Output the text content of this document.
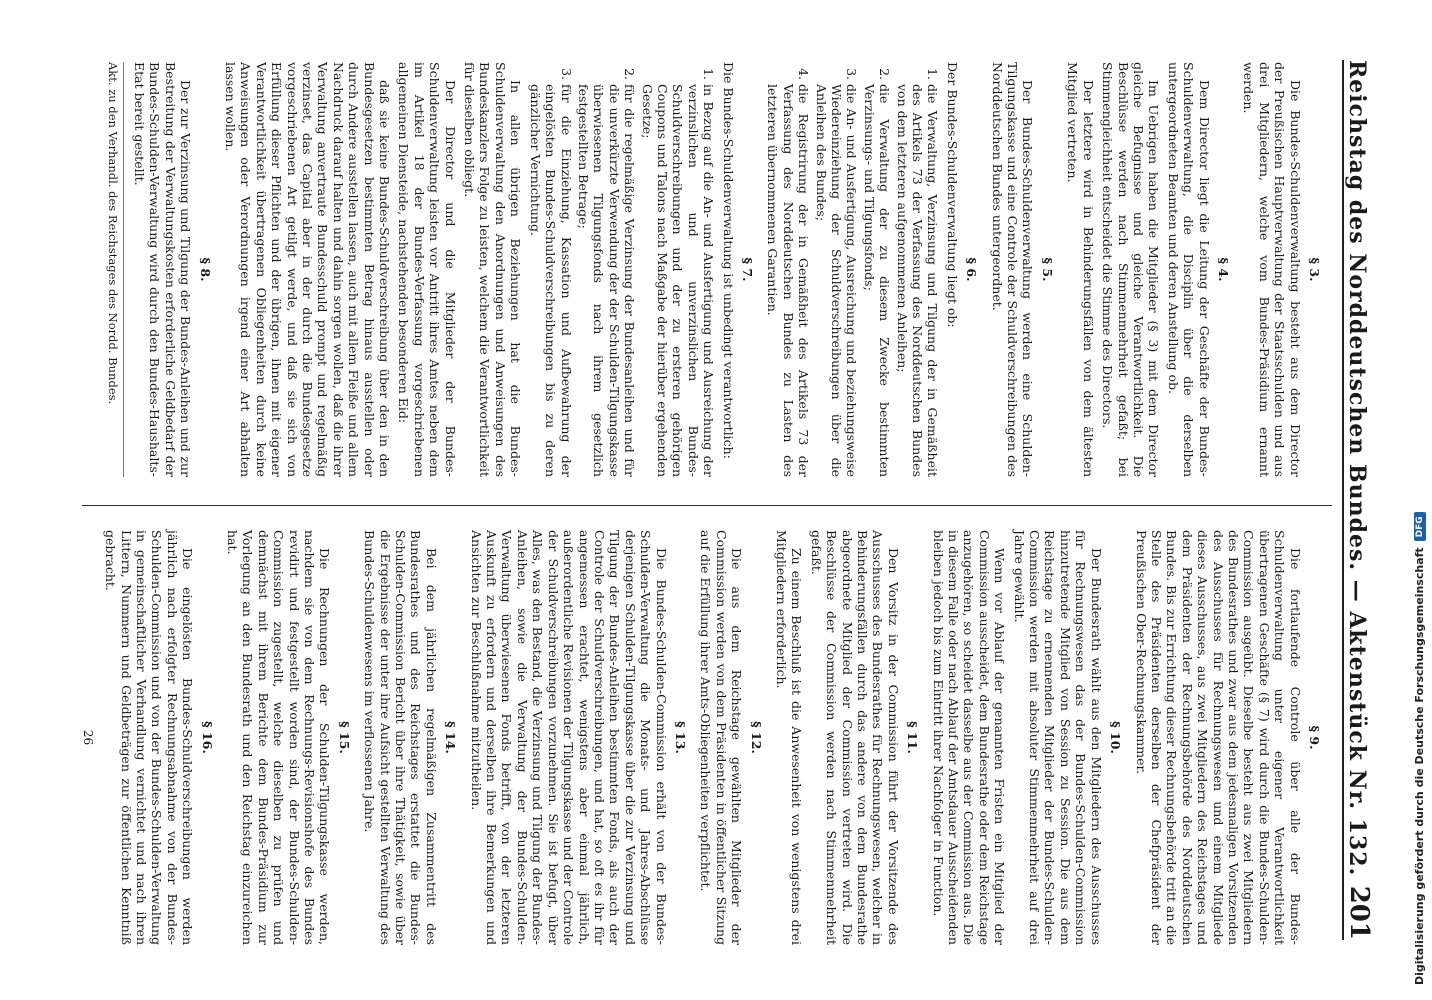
Reichstag des Norddeutschen Bundes. — Aktenstück Nr. 132.
201
§ 3.

Die Bundes-Schuldenverwaltung besteht aus dem Director der Preußischen Hauptverwaltung der Staatsschulden und aus drei Mitgliedern, welche vom Bundes-Präsidium ernannt werden.

§ 4.

Dem Director liegt die Leitung der Geschäfte der Bundes-Schuldenverwaltung, die Disciplin über die derselben untergeordneten Beamten und deren Anstellung ob.

Im Uebrigen haben die Mitglieder (§ 3) mit dem Director gleiche Befugnisse und gleiche Verantwortlichkeit. Die Beschlüsse werden nach Stimmenmehrheit gefaßt; bei Stimmengleichheit entscheidet die Stimme des Directors.

Der letztere wird in Behinderungsfällen von dem ältesten Mitglied vertreten.

§ 5.

Der Bundes-Schuldenverwaltung werden eine Schulden-Tilgungskasse und eine Controle der Schuldverschreibungen des Norddeutschen Bundes untergeordnet.

§ 6.

Der Bundes-Schuldenverwaltung liegt ob:

1. die Verwaltung, Verzinsung und Tilgung der in Gemäßheit des Artikels 73 der Verfassung des Norddeutschen Bundes von dem letzteren aufgenommenen Anleihen;
2. die Verwaltung der zu diesem Zwecke bestimmten Verzinsungs- und Tilgungsfonds;
3. die An- und Ausfertigung, Ausreichung und beziehungsweise Wiedereinziehung der Schuldverschreibungen über die Anleihen des Bundes;
4. die Registrirung der in Gemäßheit des Artikels 73 der Verfassung des Norddeutschen Bundes zu Lasten des letzteren übernommenen Garantien.
§ 7.

Die Bundes-Schuldenverwaltung ist unbedingt verantwortlich:

1. in Bezug auf die An- und Ausfertigung und Ausreichung der verzinslichen und unverzinslichen Bundes-Schuldverschreibungen und der zu ersteren gehörigen Coupons und Talons nach Maßgabe der hierüber ergehenden Gesetze;
2. für die regelmäßige Verzinsung der Bundesanleihen und für die unverkürzte Verwendung der der Schulden-Tilgungskasse überwiesenen Tilgungsfonds nach ihrem gesetzlich festgestellten Betrage;
3. für die Einziehung, Kassation und Aufbewahrung der eingelösten Bundes-Schuldverschreibungen bis zu deren gänzlicher Vernichtung.

In allen übrigen Beziehungen hat die Bundes-Schuldenverwaltung den Anordnungen und Anweisungen des Bundeskanzlers Folge zu leisten, welchem die Verantwortlichkeit für dieselben obliegt.

Der Director und die Mitglieder der Bundes-Schuldenverwaltung leisten vor Antritt ihres Amtes neben dem im Artikel 18 der Bundes-Verfassung vorgeschriebenen allgemeinen Diensteide, nachstehenden besonderen Eid:

daß sie keine Bundes-Schuldverschreibung über den in den Bundesgesetzen bestimmten Betrag hinaus ausstellen oder durch Andere ausstellen lassen, auch mit allem Fleiße und allem Nachdruck darauf halten und dahin sorgen wollen, daß die ihrer Verwaltung anvertraute Bundesschuld prompt und regelmäßig verzinset, das Capital aber in der durch die Bundesgesetze vorgeschriebenen Art getilgt werde, und daß sie sich von Erfüllung dieser Pflichten und der übrigen, ihnen mit eigener Verantwortlichkeit übertragenen Obliegenheiten durch keine Anweisungen oder Verordnungen irgend einer Art abhalten lassen wollen.

§ 8.

Der zur Verzinsung und Tilgung der Bundes-Anleihen und zur Bestreitung der Verwaltungskosten erforderliche Geldbedarf der Bundes-Schulden-Verwaltung wird durch den Bundes-Haushalts-Etat bereit gestellt.

Akt. zu den Verhandl. des Reichstages des Nordd. Bundes.
§ 9.

Die fortlaufende Controle über alle der Bundes-Schuldenverwaltung unter eigener Verantwortlichkeit übertragenen Geschäfte (§ 7) wird durch die Bundes-Schulden-Commission ausgeübt. Dieselbe besteht aus zwei Mitgliedern des Bundesrathes und zwar aus dem jedesmaligen Vorsitzenden des Ausschusses für Rechnungswesen und einem Mitgliede dieses Ausschusses, aus zwei Mitgliedern des Reichstages und dem Präsidenten der Rechnungsbehörde des Norddeutschen Bundes. Bis zur Errichtung dieser Rechnungsbehörde tritt an die Stelle des Präsidenten derselben der Chefpräsident der Preußischen Ober-Rechnungskammer.

§ 10.

Der Bundesrath wählt aus den Mitgliedern des Ausschusses für Rechnungswesen das der Bundes-Schulden-Commission hinzutretende Mitglied von Session zu Session. Die aus dem Reichstage zu ernennenden Mitglieder der Bundes-Schulden-Commission werden mit absoluter Stimmenmehrheit auf drei Jahre gewählt.

Wenn vor Ablauf der genannten Fristen ein Mitglied der Commission ausscheidet, dem Bundesrathe oder dem Reichstage anzugehören, so scheidet dasselbe aus der Commission aus. Die in diesem Falle oder nach Ablauf der Amtsdauer Ausscheidenden bleiben jedoch bis zum Eintritt ihrer Nachfolger in Function.

§ 11.

Den Vorsitz in der Commission führt der Vorsitzende des Ausschusses des Bundesrathes für Rechnungswesen, welcher in Behinderungsfällen durch das andere von dem Bundesrathe abgeordnete Mitglied der Commission vertreten wird. Die Beschlüsse der Commission werden nach Stimmenmehrheit gefaßt.

Zu einem Beschluß ist die Anwesenheit von wenigstens drei Mitgliedern erforderlich.

§ 12.

Die aus dem Reichstage gewählten Mitglieder der Commission werden von dem Präsidenten in öffentlicher Sitzung auf die Erfüllung ihrer Amts-Obliegenheiten verpflichtet.

§ 13.

Die Bundes-Schulden-Commission erhält von der Bundes-Schulden-Verwaltung die Monats- und Jahres-Abschlüsse derjenigen Schulden-Tilgungskasse über die zur Verzinsung und Tilgung der Bundes-Anleihen bestimmten Fonds, als auch der Controle der Schuldverschreibungen, und hat, so oft es ihr für angemessen erachtet, wenigstens aber einmal jährlich, außerordentliche Revisionen der Tilgungskasse und der Controle der Schuldverschreibungen vorzunehmen. Sie ist befugt, über Alles, was den Bestand, die Verzinsung und Tilgung der Bundes-Anleihen, sowie die Verwaltung der Bundes-Schulden-Verwaltung überwiesenen Fonds betrifft, von der letzteren Auskunft zu erfordern und derselben ihre Bemerkungen und Ansichten zur Beschlußnahme mitzutheilen.

§ 14.

Bei dem jährlichen regelmäßigen Zusammentritt des Bundesrathes und des Reichstages erstattet die Bundes-Schulden-Commission Bericht über ihre Thätigkeit, sowie über die Ergebnisse der unter ihre Aufsicht gestellten Verwaltung des Bundes-Schuldenwesens im verflossenen Jahre.

§ 15.

Die Rechnungen der Schulden-Tilgungskasse werden, nachdem sie von dem Rechnungs-Revisionshofe des Bundes revidirt und festgestellt worden sind, der Bundes-Schulden-Commission zugestellt, welche dieselben zu prüfen und demnächst mit ihrem Berichte dem Bundes-Präsidium zur Vorlegung an den Bundesrath und den Reichstag einzureichen hat.

§ 16.

Die eingelösten Bundes-Schuldverschreibungen werden jährlich nach erfolgter Rechnungsabnahme von der Bundes-Schulden-Commission und von der Bundes-Schulden-Verwaltung in gemeinschaftlicher Verhandlung vernichtet und nach ihren Littern, Nummern und Geldbeträgen zur öffentlichen Kenntniß gebracht.

26	Digitalisierung gefördert durch die Deutsche Forschungsgemeinschaft
DFG
